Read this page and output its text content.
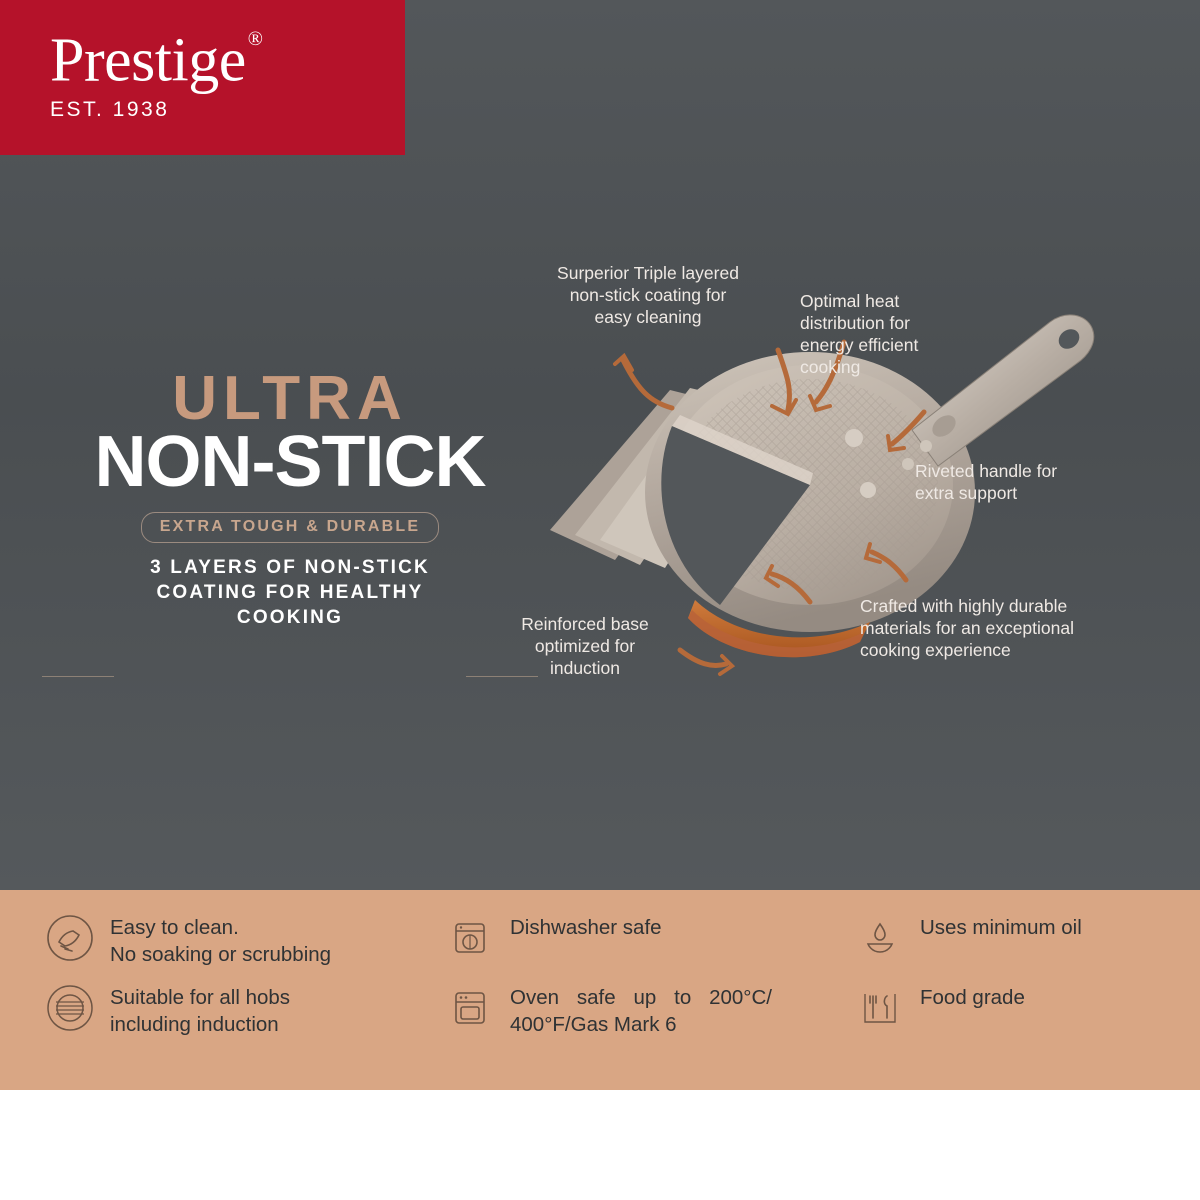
Prestige ®
EST. 1938
ULTRA
NON-STICK
EXTRA TOUGH & DURABLE
3 LAYERS OF NON-STICK
COATING FOR HEALTHY
COOKING
Surperior Triple layered non-stick coating for easy cleaning
Optimal heat distribution for energy efficient cooking
Riveted handle for extra support
Crafted with highly durable materials for an exceptional cooking experience
Reinforced base optimized for induction
Easy to clean.
No soaking or scrubbing
Dishwasher safe	Uses minimum oil
Suitable for all hobs
including induction
Oven safe up to 200°C/ 400°F/Gas Mark 6
Food grade
